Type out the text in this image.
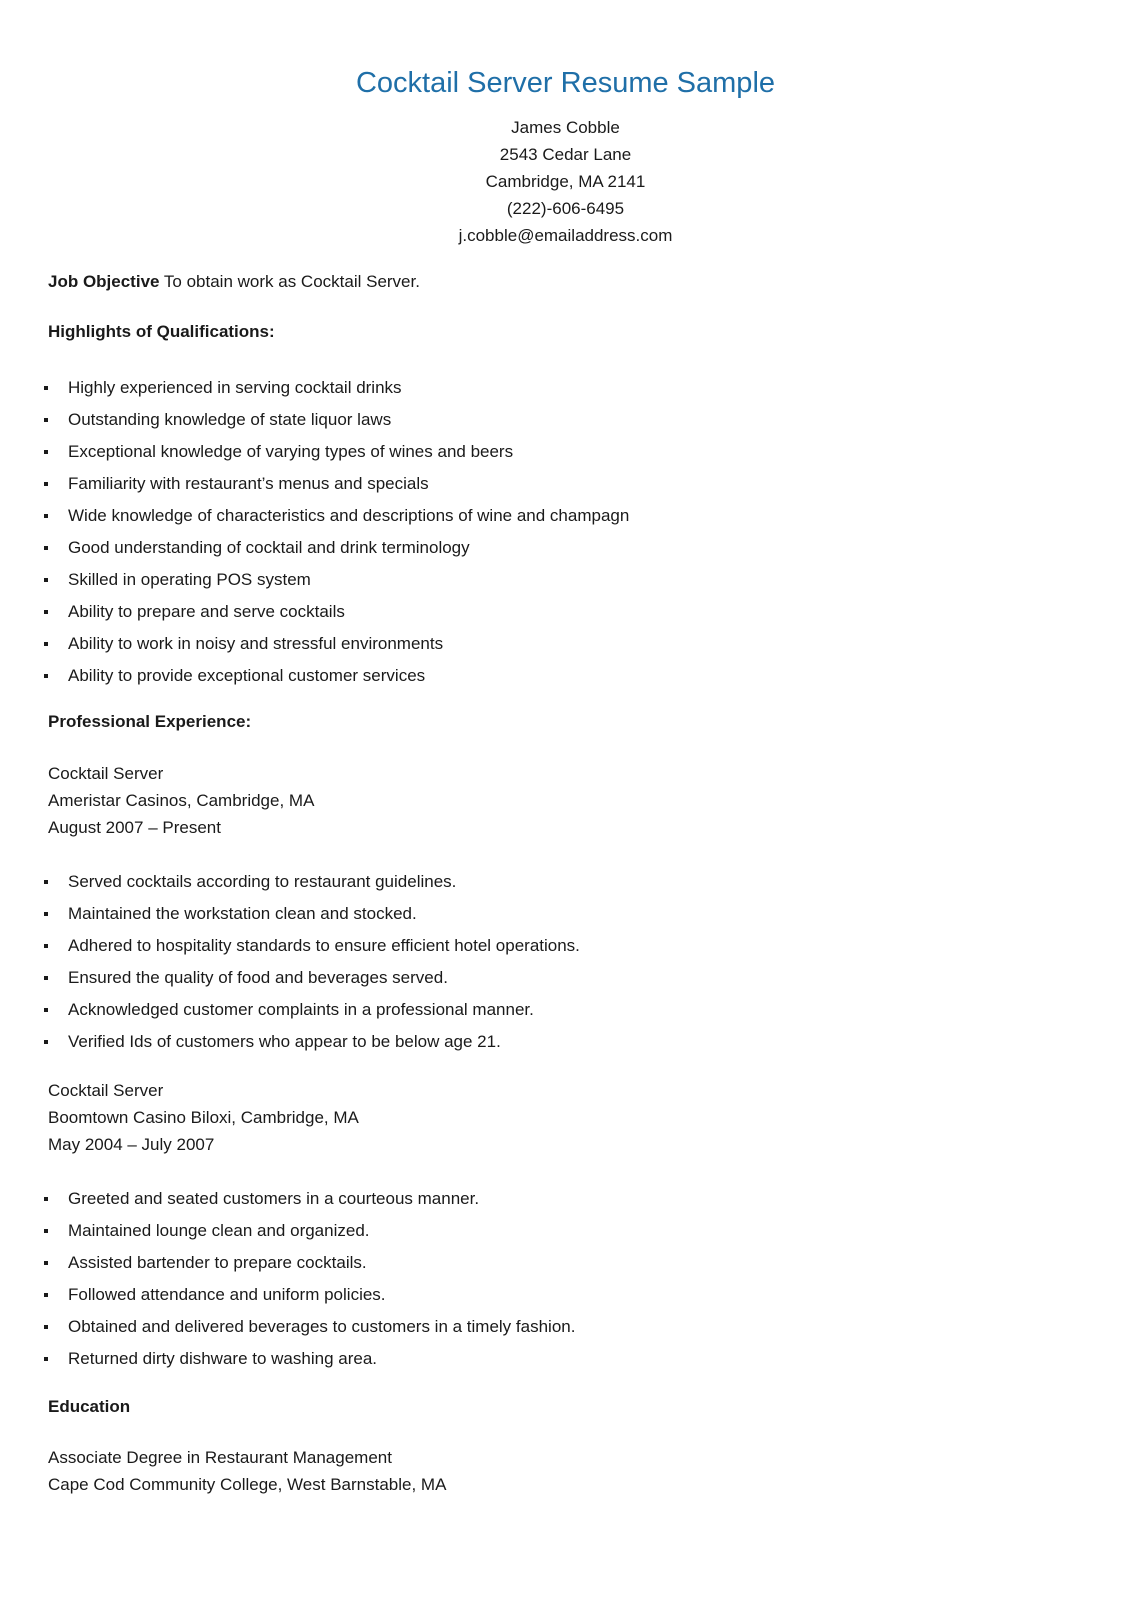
Cocktail Server Resume Sample
James Cobble
2543 Cedar Lane
Cambridge, MA 2141
(222)-606-6495
j.cobble@emailaddress.com
Job Objective To obtain work as Cocktail Server.
Highlights of Qualifications:
Highly experienced in serving cocktail drinks
Outstanding knowledge of state liquor laws
Exceptional knowledge of varying types of wines and beers
Familiarity with restaurant’s menus and specials
Wide knowledge of characteristics and descriptions of wine and champagn
Good understanding of cocktail and drink terminology
Skilled in operating POS system
Ability to prepare and serve cocktails
Ability to work in noisy and stressful environments
Ability to provide exceptional customer services
Professional Experience:
Cocktail Server
Ameristar Casinos, Cambridge, MA
August 2007 – Present
Served cocktails according to restaurant guidelines.
Maintained the workstation clean and stocked.
Adhered to hospitality standards to ensure efficient hotel operations.
Ensured the quality of food and beverages served.
Acknowledged customer complaints in a professional manner.
Verified Ids of customers who appear to be below age 21.
Cocktail Server
Boomtown Casino Biloxi, Cambridge, MA
May 2004 – July 2007
Greeted and seated customers in a courteous manner.
Maintained lounge clean and organized.
Assisted bartender to prepare cocktails.
Followed attendance and uniform policies.
Obtained and delivered beverages to customers in a timely fashion.
Returned dirty dishware to washing area.
Education
Associate Degree in Restaurant Management
Cape Cod Community College, West Barnstable, MA
